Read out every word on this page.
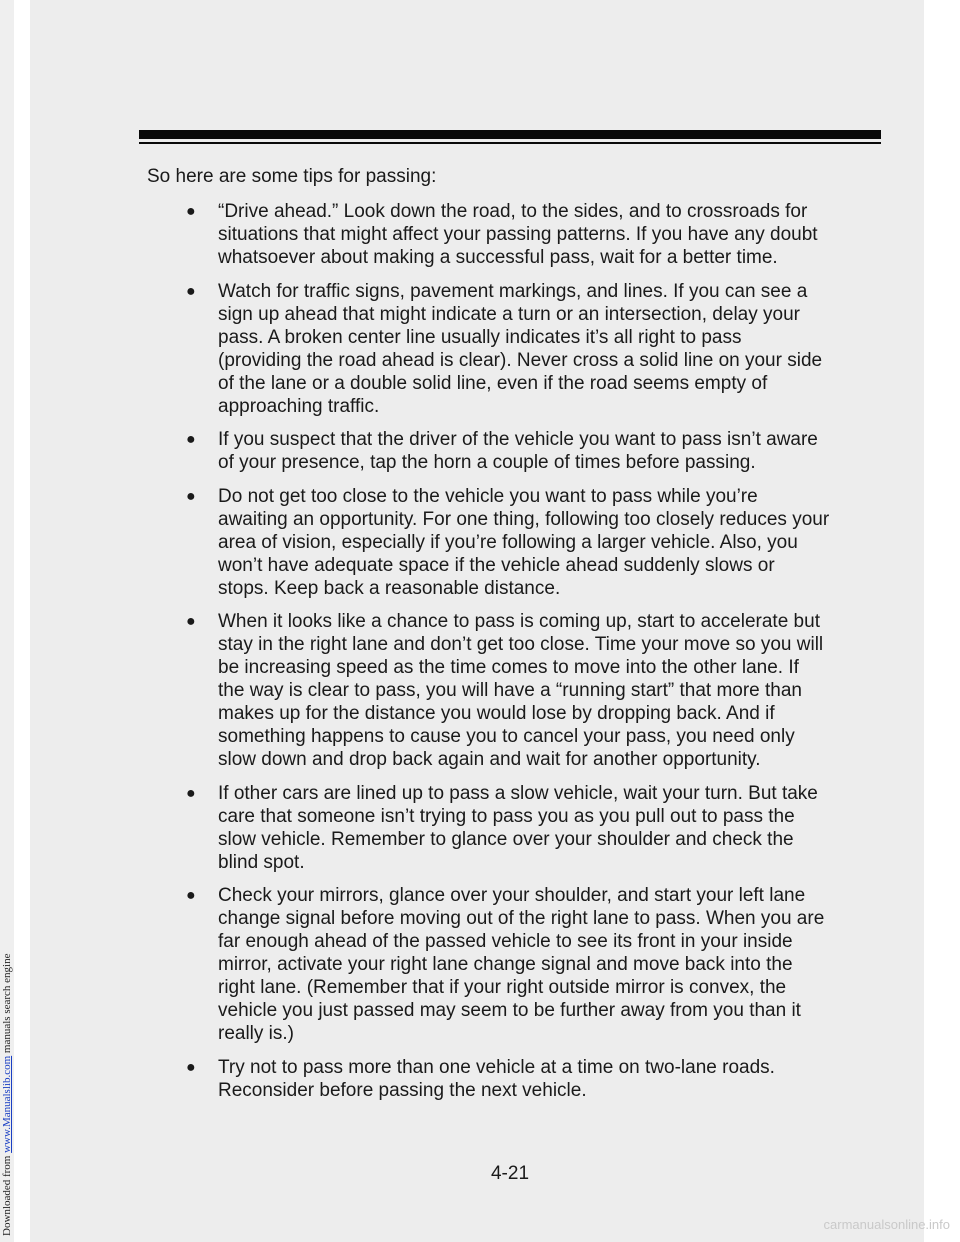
Downloaded from www.Manualslib.com manuals search engine

So here are some tips for passing:

● “Drive ahead.” Look down the road, to the sides, and to crossroads for situations that might affect your passing patterns. If you have any doubt whatsoever about making a successful pass, wait for a better time.
● Watch for traffic signs, pavement markings, and lines. If you can see a sign up ahead that might indicate a turn or an intersection, delay your pass. A broken center line usually indicates it’s all right to pass (providing the road ahead is clear). Never cross a solid line on your side of the lane or a double solid line, even if the road seems empty of approaching traffic.
● If you suspect that the driver of the vehicle you want to pass isn’t aware of your presence, tap the horn a couple of times before passing.
● Do not get too close to the vehicle you want to pass while you’re awaiting an opportunity. For one thing, following too closely reduces your area of vision, especially if you’re following a larger vehicle. Also, you won’t have adequate space if the vehicle ahead suddenly slows or stops. Keep back a reasonable distance.
● When it looks like a chance to pass is coming up, start to accelerate but stay in the right lane and don’t get too close. Time your move so you will be increasing speed as the time comes to move into the other lane. If the way is clear to pass, you will have a “running start” that more than makes up for the distance you would lose by dropping back. And if something happens to cause you to cancel your pass, you need only slow down and drop back again and wait for another opportunity.
● If other cars are lined up to pass a slow vehicle, wait your turn. But take care that someone isn’t trying to pass you as you pull out to pass the slow vehicle. Remember to glance over your shoulder and check the blind spot.
● Check your mirrors, glance over your shoulder, and start your left lane change signal before moving out of the right lane to pass. When you are far enough ahead of the passed vehicle to see its front in your inside mirror, activate your right lane change signal and move back into the right lane. (Remember that if your right outside mirror is convex, the vehicle you just passed may seem to be further away from you than it really is.)
● Try not to pass more than one vehicle at a time on two-lane roads. Reconsider before passing the next vehicle.
4-21
carmanualsonline.info
